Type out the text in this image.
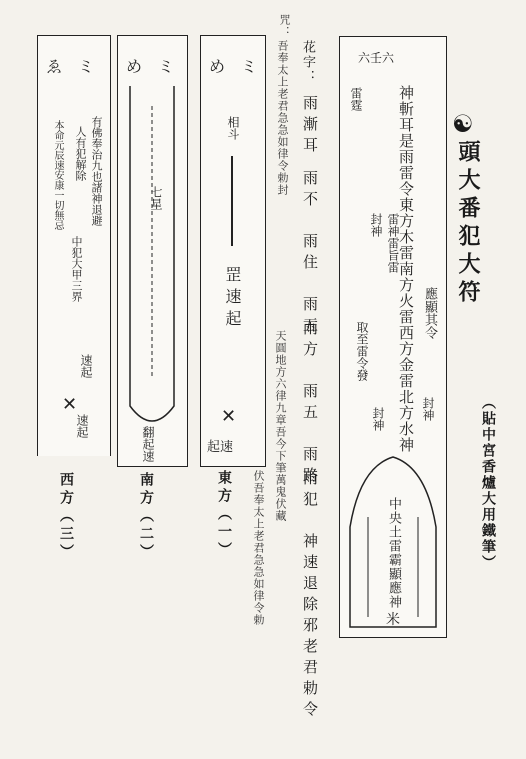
六壬六
神斬耳是雨雷令東方木雷南方火雷西方金雷北方水神
雷霆
雷神雷旨雷封神
應顯其令
取至雷令發
封神	封神
中央土雷霸顯應神
米
☯
頭大番犯大符
（貼中宮香爐大用鐵筆）
ゑ　ミ
有佛奉治九也諸神退避
人有犯解除
本命元辰速安康一切無忌
中犯大甲三界
速起
✕
速起
西方（三）
め　ミ
七星
翻起速
南方（二）
め　ミ
相斗
罡速起
✕
起速
東方（一）
花字：
雨漸耳
雨不　雨住　雨五
雨方　雨五　雨路
雨犯　神速退除邪老君勅令
咒：
吾奉太上老君急急如律令勅封
天圓地方六律九章吾今下筆萬鬼伏藏
伏吾奉太上老君急急如律令勅
